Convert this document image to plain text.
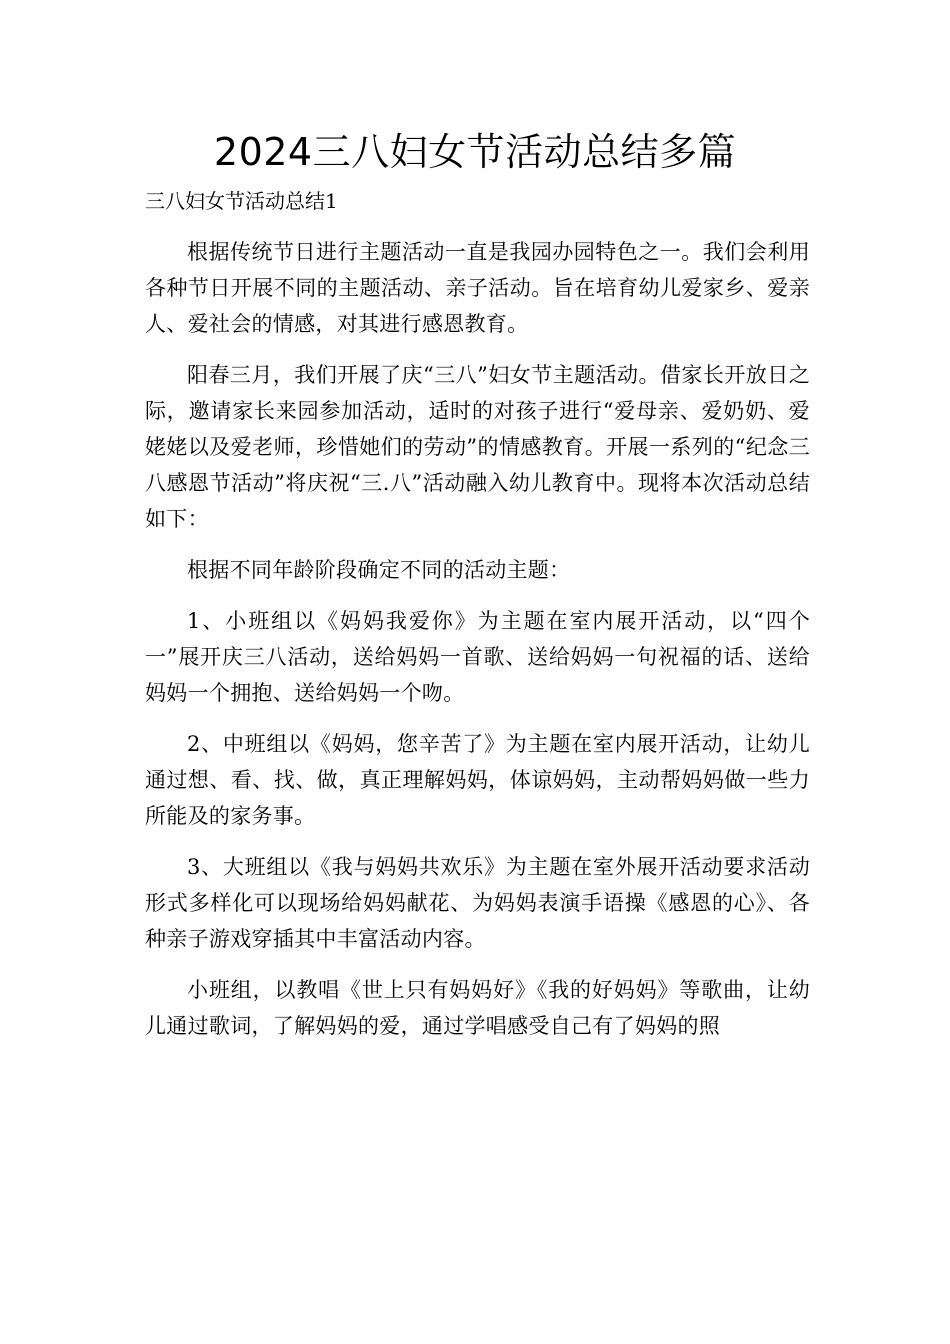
2024三八妇女节活动总结多篇

三八妇女节活动总结1

根据传统节日进行主题活动一直是我园办园特色之一。我们会利用各种节日开展不同的主题活动、亲子活动。旨在培育幼儿爱家乡、爱亲人、爱社会的情感，对其进行感恩教育。

阳春三月，我们开展了庆“三八”妇女节主题活动。借家长开放日之际，邀请家长来园参加活动，适时的对孩子进行“爱母亲、爱奶奶、爱姥姥以及爱老师，珍惜她们的劳动”的情感教育。开展一系列的“纪念三八感恩节活动”将庆祝“三.八”活动融入幼儿教育中。现将本次活动总结如下：

根据不同年龄阶段确定不同的活动主题：

1、小班组以《妈妈我爱你》为主题在室内展开活动，以“四个一”展开庆三八活动，送给妈妈一首歌、送给妈妈一句祝福的话、送给妈妈一个拥抱、送给妈妈一个吻。

2、中班组以《妈妈，您辛苦了》为主题在室内展开活动，让幼儿通过想、看、找、做，真正理解妈妈，体谅妈妈，主动帮妈妈做一些力所能及的家务事。

3、大班组以《我与妈妈共欢乐》为主题在室外展开活动要求活动形式多样化可以现场给妈妈献花、为妈妈表演手语操《感恩的心》、各种亲子游戏穿插其中丰富活动内容。

小班组，以教唱《世上只有妈妈好》《我的好妈妈》等歌曲，让幼儿通过歌词，了解妈妈的爱，通过学唱感受自己有了妈妈的照
